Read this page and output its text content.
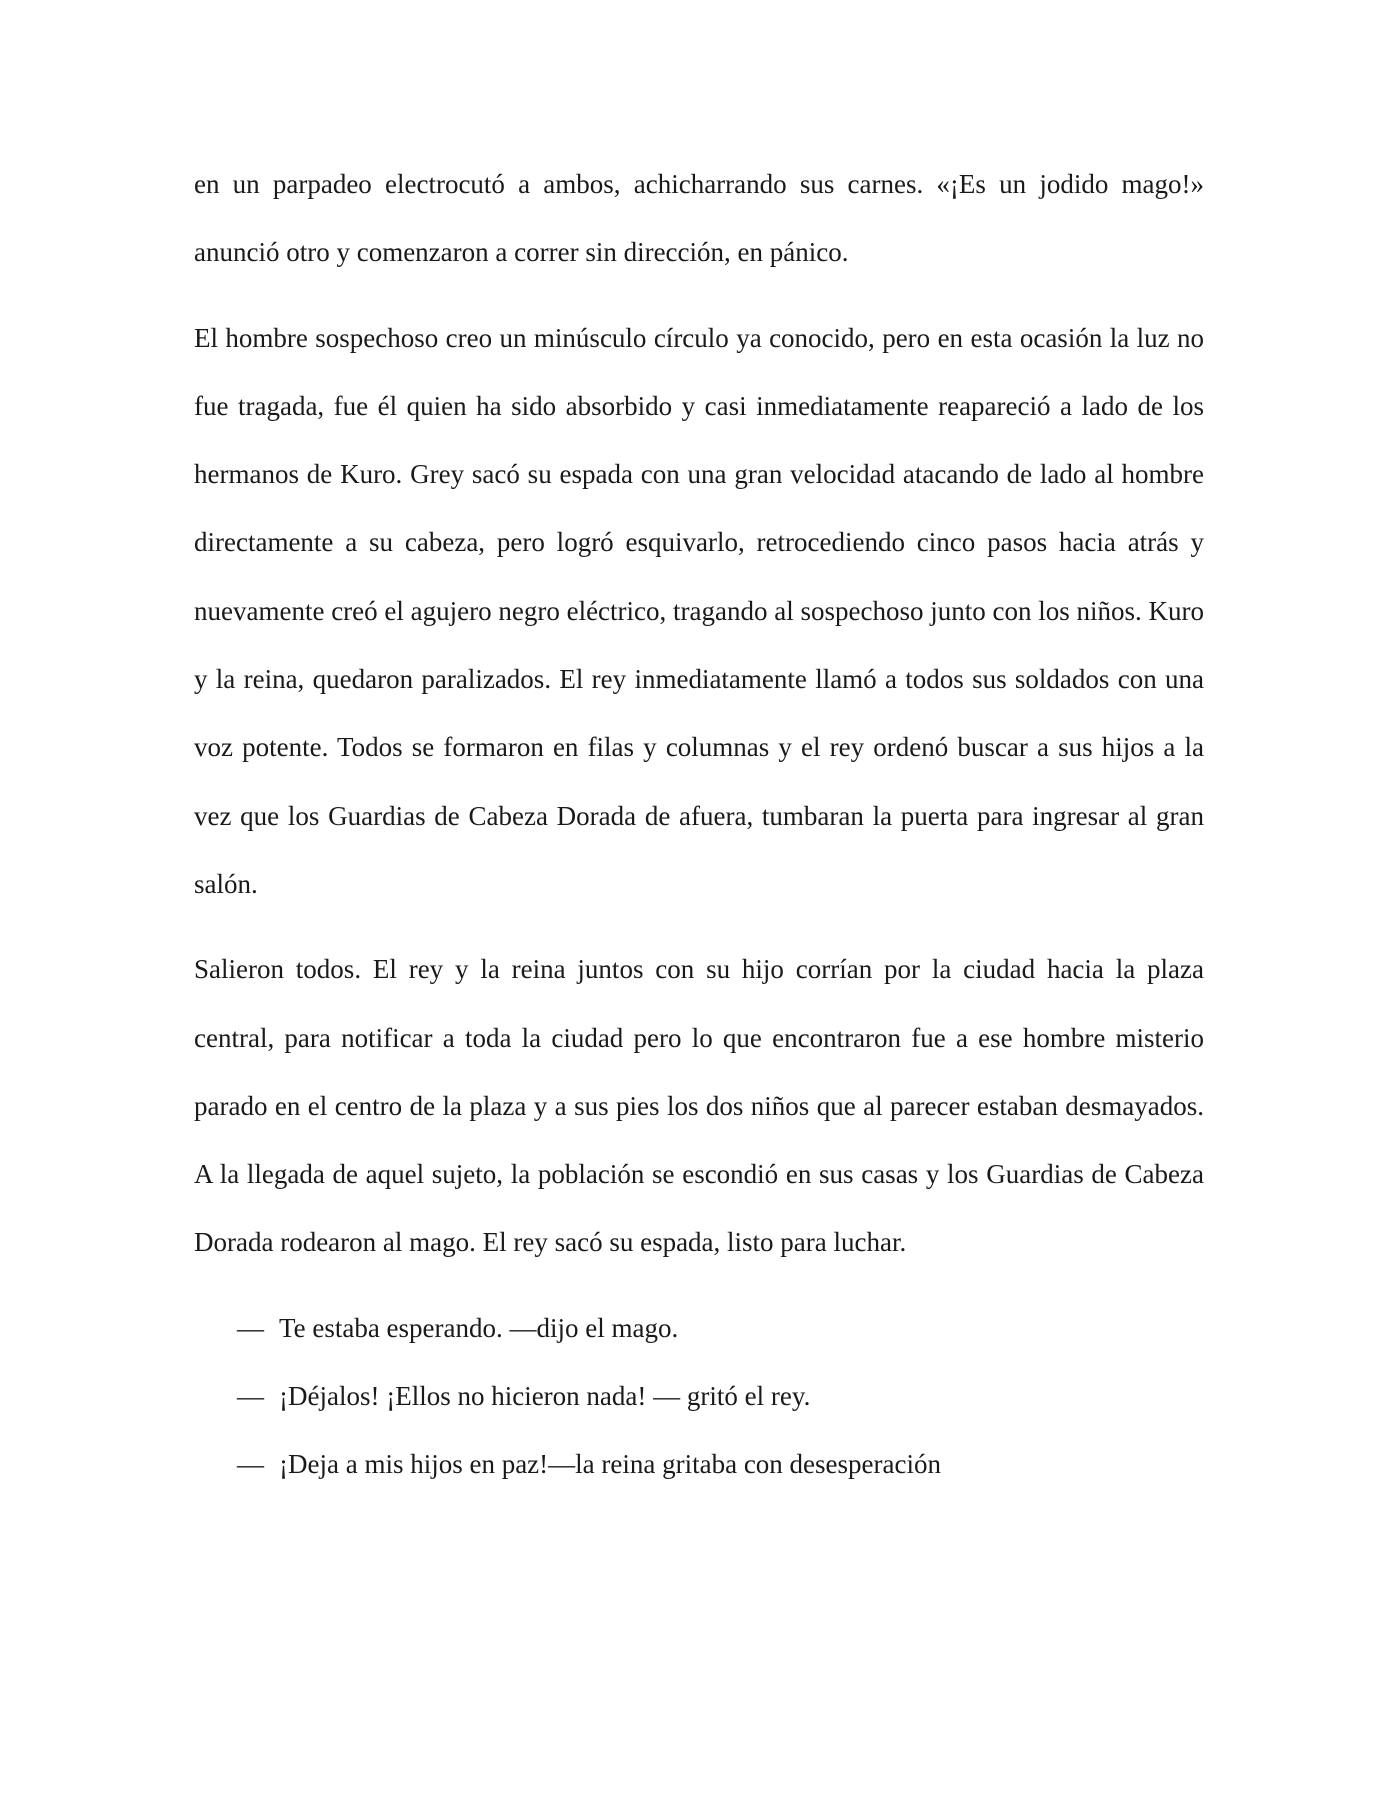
en un parpadeo electrocutó a ambos, achicharrando sus carnes. «¡Es un jodido mago!» anunció otro y comenzaron a correr sin dirección, en pánico.

El hombre sospechoso creo un minúsculo círculo ya conocido, pero en esta ocasión la luz no fue tragada, fue él quien ha sido absorbido y casi inmediatamente reapareció a lado de los hermanos de Kuro. Grey sacó su espada con una gran velocidad atacando de lado al hombre directamente a su cabeza, pero logró esquivarlo, retrocediendo cinco pasos hacia atrás y nuevamente creó el agujero negro eléctrico, tragando al sospechoso junto con los niños. Kuro y la reina, quedaron paralizados. El rey inmediatamente llamó a todos sus soldados con una voz potente. Todos se formaron en filas y columnas y el rey ordenó buscar a sus hijos a la vez que los Guardias de Cabeza Dorada de afuera, tumbaran la puerta para ingresar al gran salón.

Salieron todos. El rey y la reina juntos con su hijo corrían por la ciudad hacia la plaza central, para notificar a toda la ciudad pero lo que encontraron fue a ese hombre misterio parado en el centro de la plaza y a sus pies los dos niños que al parecer estaban desmayados. A la llegada de aquel sujeto, la población se escondió en sus casas y los Guardias de Cabeza Dorada rodearon al mago. El rey sacó su espada, listo para luchar.

— Te estaba esperando. —dijo el mago.
— ¡Déjalos! ¡Ellos no hicieron nada! — gritó el rey.
— ¡Deja a mis hijos en paz!—la reina gritaba con desesperación
